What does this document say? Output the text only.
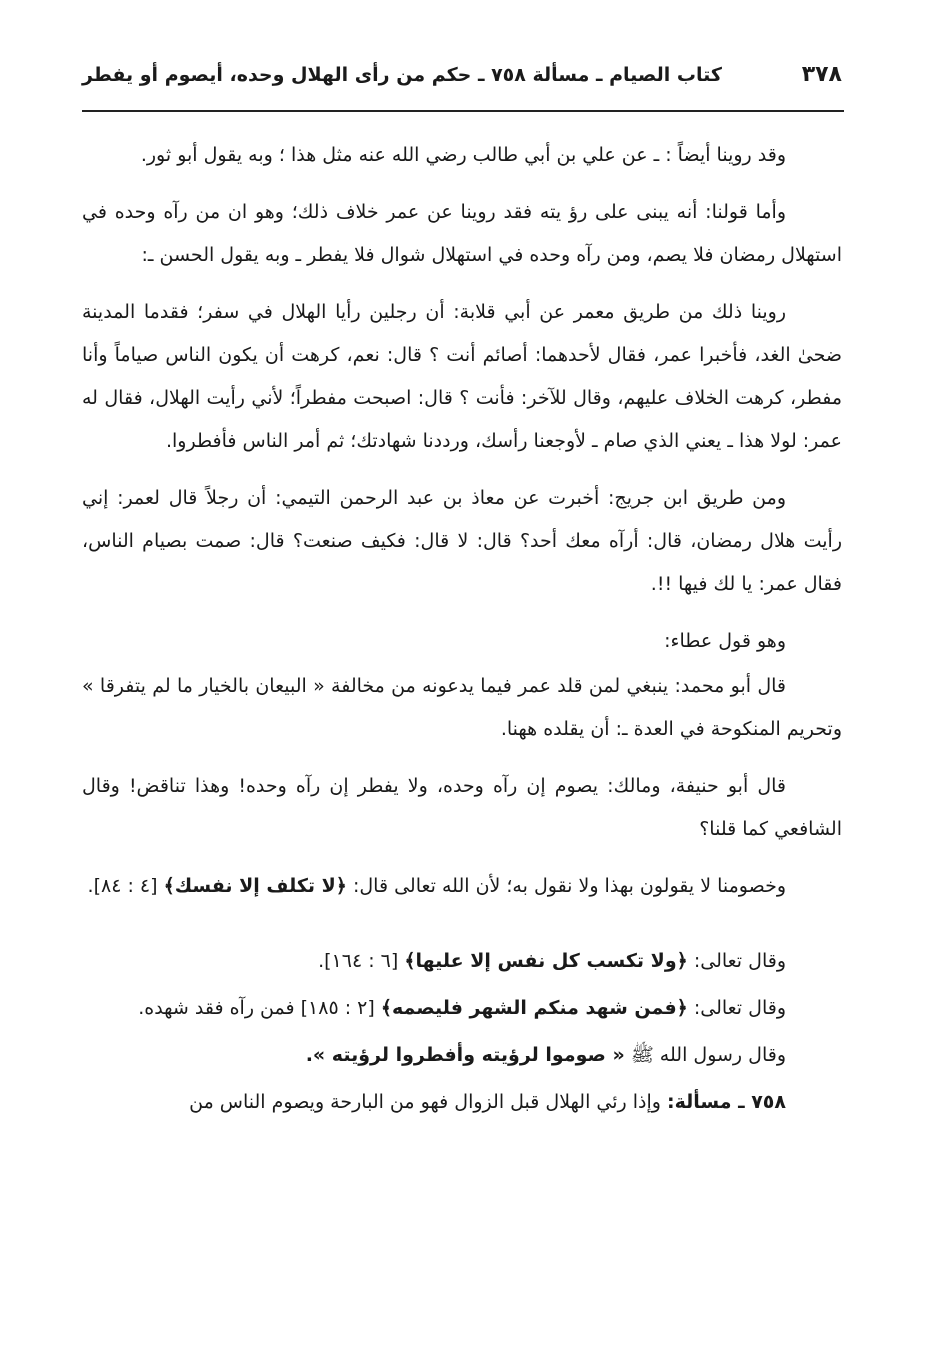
٣٧٨
كتاب الصيام ـ مسألة ٧٥٨ ـ حكم من رأى الهلال وحده، أيصوم أو يفطر

وقد روينا أيضاً : ـ عن علي بن أبي طالب رضي الله عنه مثل هذا ؛ وبه يقول أبو ثور.

وأما قولنا: أنه يبنى على رؤ يته فقد روينا عن عمر خلاف ذلك؛ وهو ان من رآه وحده في استهلال رمضان فلا يصم، ومن رآه وحده في استهلال شوال فلا يفطر ـ وبه يقول الحسن ـ:

روينا ذلك من طريق معمر عن أبي قلابة: أن رجلين رأيا الهلال في سفر؛ فقدما المدينة ضحىٰ الغد، فأخبرا عمر، فقال لأحدهما: أصائم أنت ؟ قال: نعم، كرهت أن يكون الناس صياماً وأنا مفطر، كرهت الخلاف عليهم، وقال للآخر: فأنت ؟ قال: اصبحت مفطراً؛ لأني رأيت الهلال، فقال له عمر: لولا هذا ـ يعني الذي صام ـ لأوجعنا رأسك، ورددنا شهادتك؛ ثم أمر الناس فأفطروا.

ومن طريق ابن جريج: أخبرت عن معاذ بن عبد الرحمن التيمي: أن رجلاً قال لعمر: إني رأيت هلال رمضان، قال: أرآه معك أحد؟ قال: لا قال: فكيف صنعت؟ قال: صمت بصيام الناس، فقال عمر: يا لك فيها !!.

وهو قول عطاء:

قال أبو محمد: ينبغي لمن قلد عمر فيما يدعونه من مخالفة « البيعان بالخيار ما لم يتفرقا » وتحريم المنكوحة في العدة ـ: أن يقلده ههنا.

قال أبو حنيفة، ومالك: يصوم إن رآه وحده، ولا يفطر إن رآه وحده! وهذا تناقض! وقال الشافعي كما قلنا؟

وخصومنا لا يقولون بهذا ولا نقول به؛ لأن الله تعالى قال: ﴿لا تكلف إلا نفسك﴾ [٤ : ٨٤].

وقال تعالى: ﴿ولا تكسب كل نفس إلا عليها﴾ [٦ : ١٦٤].

وقال تعالى: ﴿فمن شهد منكم الشهر فليصمه﴾ [٢ : ١٨٥] فمن رآه فقد شهده.

وقال رسول الله ﷺ « صوموا لرؤيته وأفطروا لرؤيته ».

٧٥٨ ـ مسألة: وإذا رئي الهلال قبل الزوال فهو من البارحة ويصوم الناس من
